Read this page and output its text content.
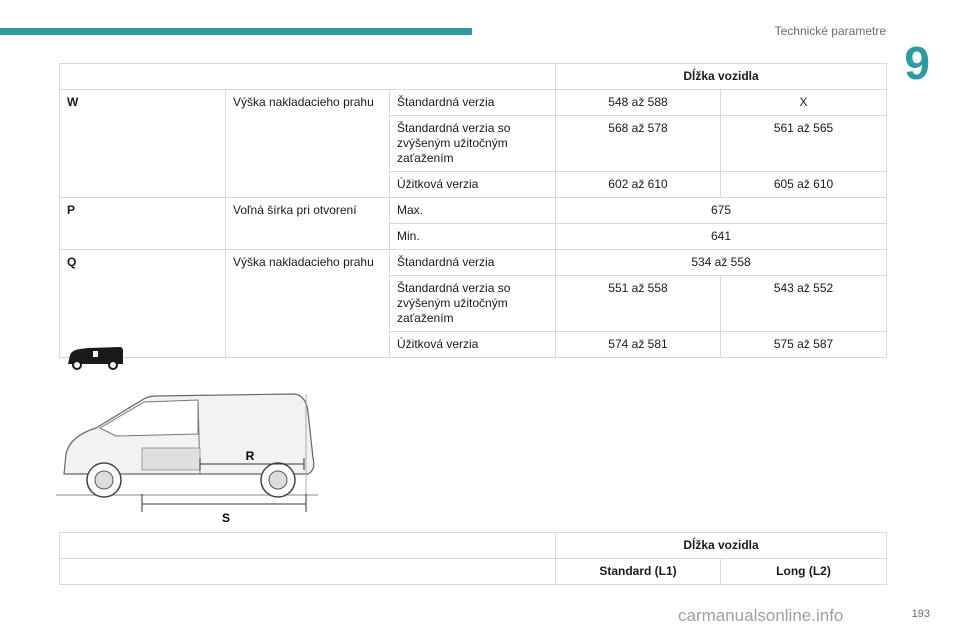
Technické parametre
9
			Dĺžka vozidla	
W	Výška nakladacieho prahu	Štandardná verzia	548 až 588	X
		Štandardná verzia so zvýšeným užitočným zaťažením	568 až 578	561 až 565
		Úžitková verzia	602 až 610	605 až 610
P	Voľná šírka pri otvorení	Max.	675	
		Min.	641	
Q	Výška nakladacieho prahu	Štandardná verzia	534 až 558	
		Štandardná verzia so zvýšeným užitočným zaťažením	551 až 558	543 až 552
		Úžitková verzia	574 až 581	575 až 587
R
S
	Dĺžka vozidla	
	Standard (L1)	Long (L2)
193
carmanualsonline.info
